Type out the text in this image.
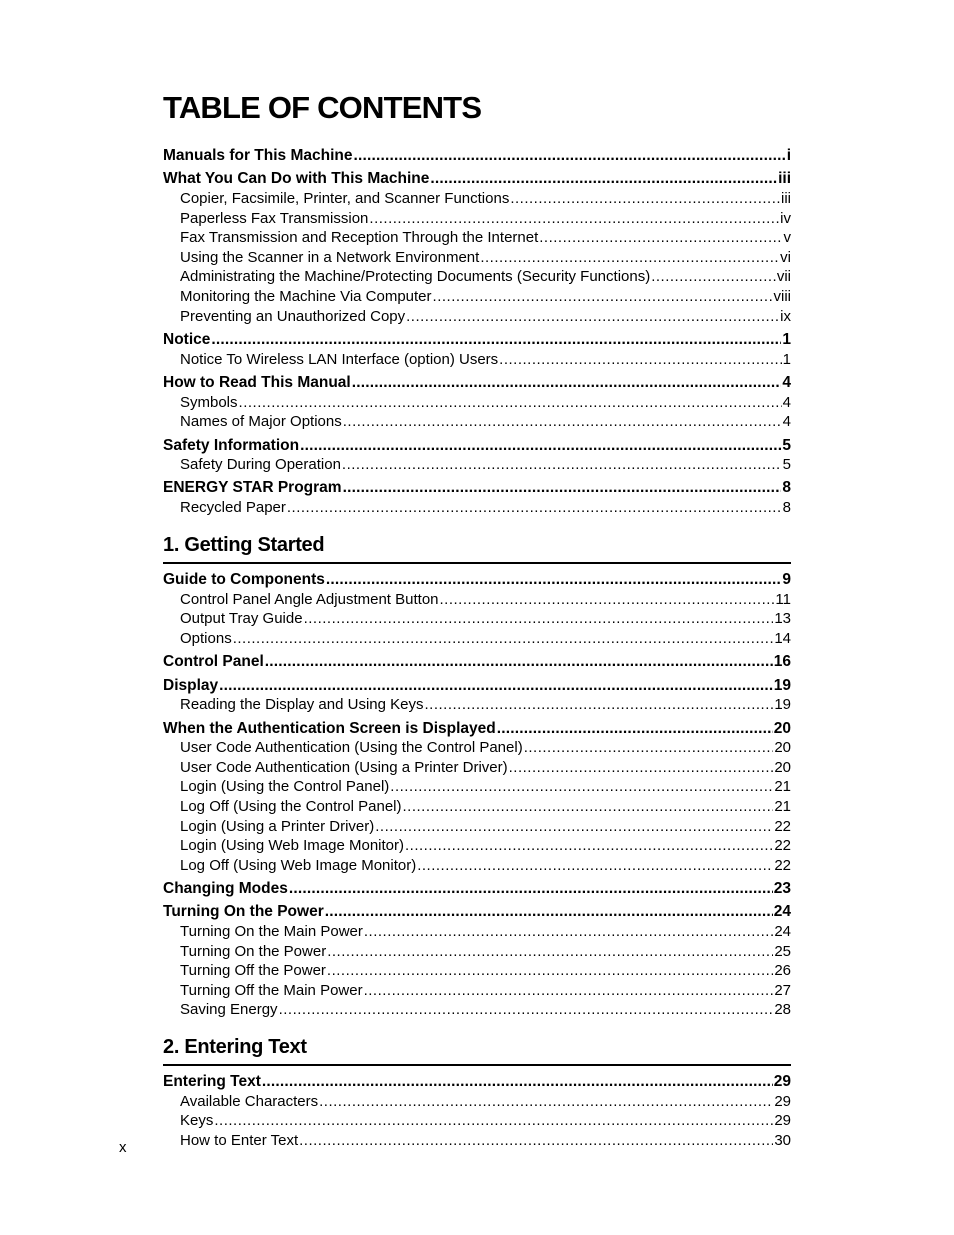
TABLE OF CONTENTS
Manuals for This Machine .....	i
What You Can Do with This Machine .....	iii
Copier, Facsimile, Printer, and Scanner Functions .....	iii
Paperless Fax Transmission .....	iv
Fax Transmission and Reception Through the Internet .....	v
Using the Scanner in a Network Environment .....	vi
Administrating the Machine/Protecting Documents (Security Functions) .....	vii
Monitoring the Machine Via Computer .....	viii
Preventing an Unauthorized Copy .....	ix
Notice .....	1
Notice To Wireless LAN Interface (option) Users .....	1
How to Read This Manual .....	4
Symbols .....	4
Names of Major Options .....	4
Safety Information .....	5
Safety During Operation .....	5
ENERGY STAR Program .....	8
Recycled Paper .....	8
1. Getting Started
Guide to Components .....	9
Control Panel Angle Adjustment Button .....	11
Output Tray Guide .....	13
Options .....	14
Control Panel .....	16
Display .....	19
Reading the Display and Using Keys .....	19
When the Authentication Screen is Displayed .....	20
User Code Authentication (Using the Control Panel) .....	20
User Code Authentication (Using a Printer Driver) .....	20
Login (Using the Control Panel) .....	21
Log Off (Using the Control Panel) .....	21
Login (Using a Printer Driver) .....	22
Login (Using Web Image Monitor) .....	22
Log Off (Using Web Image Monitor) .....	22
Changing Modes .....	23
Turning On the Power .....	24
Turning On the Main Power .....	24
Turning On the Power .....	25
Turning Off the Power .....	26
Turning Off the Main Power .....	27
Saving Energy .....	28
2. Entering Text
Entering Text .....	29
Available Characters .....	29
Keys .....	29
How to Enter Text .....	30
x
